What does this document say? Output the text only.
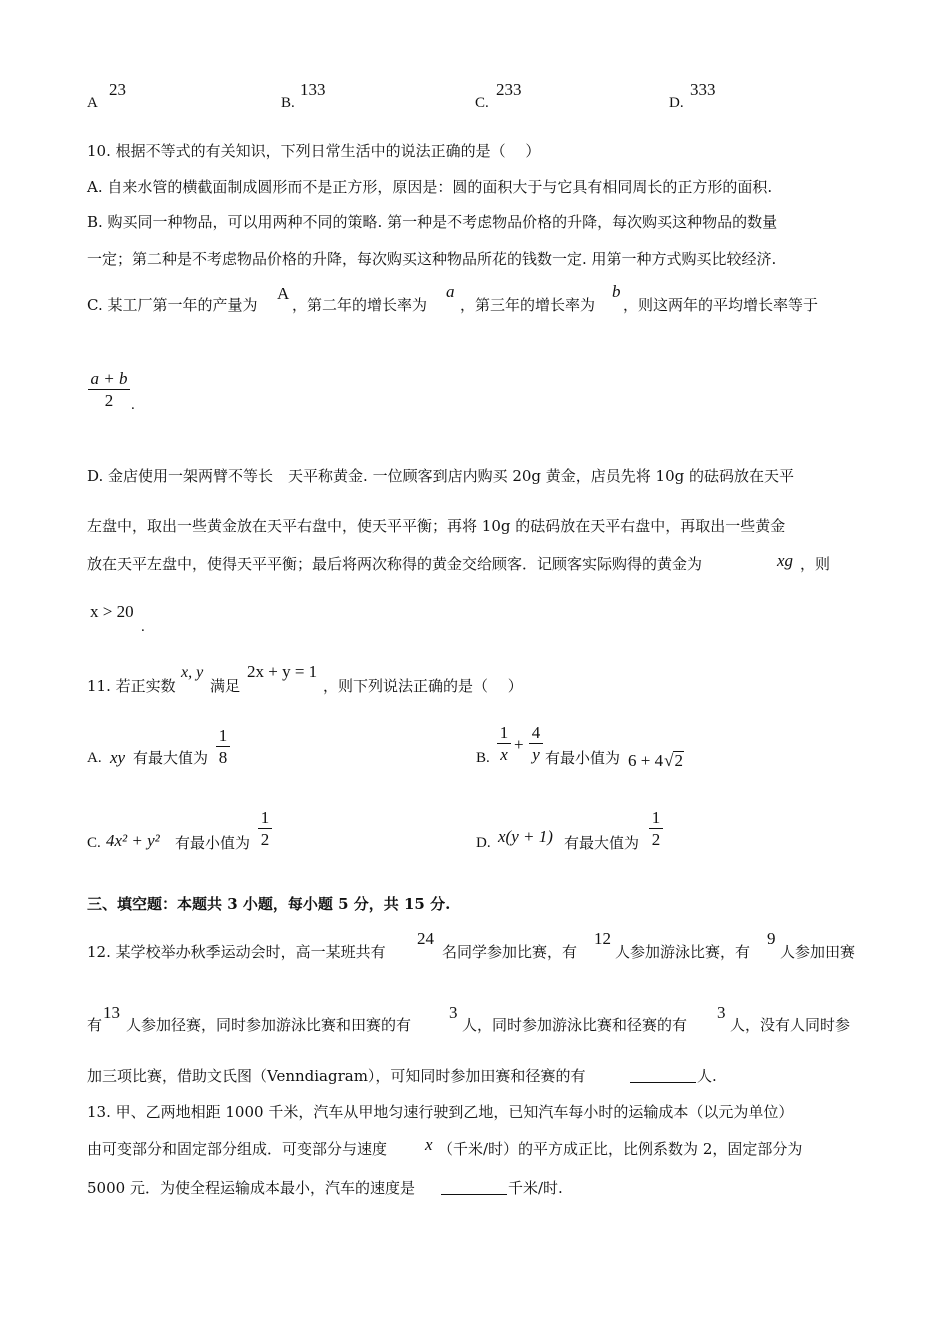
A
23
B.
133
C.
233
D.
333
10. 根据不等式的有关知识，下列日常生活中的说法正确的是（　 ）
A. 自来水管的横截面制成圆形而不是正方形，原因是：圆的面积大于与它具有相同周长的正方形的面积.
B. 购买同一种物品，可以用两种不同的策略. 第一种是不考虑物品价格的升降，每次购买这种物品的数量
一定；第二种是不考虑物品价格的升降，每次购买这种物品所花的钱数一定. 用第一种方式购买比较经济.
C. 某工厂第一年的产量为
A
，第二年的增长率为
a
，第三年的增长率为
b
，则这两年的平均增长率等于
a + b
2	.
D. 金店使用一架两臂不等长　天平称黄金. 一位顾客到店内购买 20g 黄金，店员先将 10g 的砝码放在天平
左盘中，取出一些黄金放在天平右盘中，使天平平衡；再将 10g 的砝码放在天平右盘中，再取出一些黄金
放在天平左盘中，使得天平平衡；最后将两次称得的黄金交给顾客．记顾客实际购得的黄金为	xg ，则
x > 20
.
11. 若正实数
x, y
满足
2x + y = 1
，则下列说法正确的是（　 ）
A. xy 有最大值为
1
8	B.
1
x
+
4
y 有最小值为 6 + 4√2
C. 4x² + y² 有最小值为
1
2	D. x(y + 1) 有最大值为
1
2
三、填空题：本题共 3 小题，每小题 5 分，共 15 分.
12. 某学校举办秋季运动会时，高一某班共有
24
名同学参加比赛，有
12
人参加游泳比赛，有
9
人参加田赛
有
13
人参加径赛，同时参加游泳比赛和田赛的有
3
人，同时参加游泳比赛和径赛的有
3
人，没有人同时参
加三项比赛，借助文氏图（Venndiagram），可知同时参加田赛和径赛的有	人.
13. 甲、乙两地相距 1000 千米，汽车从甲地匀速行驶到乙地，已知汽车每小时的运输成本（以元为单位）
由可变部分和固定部分组成．可变部分与速度 x （千米/时）的平方成正比，比例系数为 2，固定部分为
5000 元．为使全程运输成本最小，汽车的速度是	千米/时.
